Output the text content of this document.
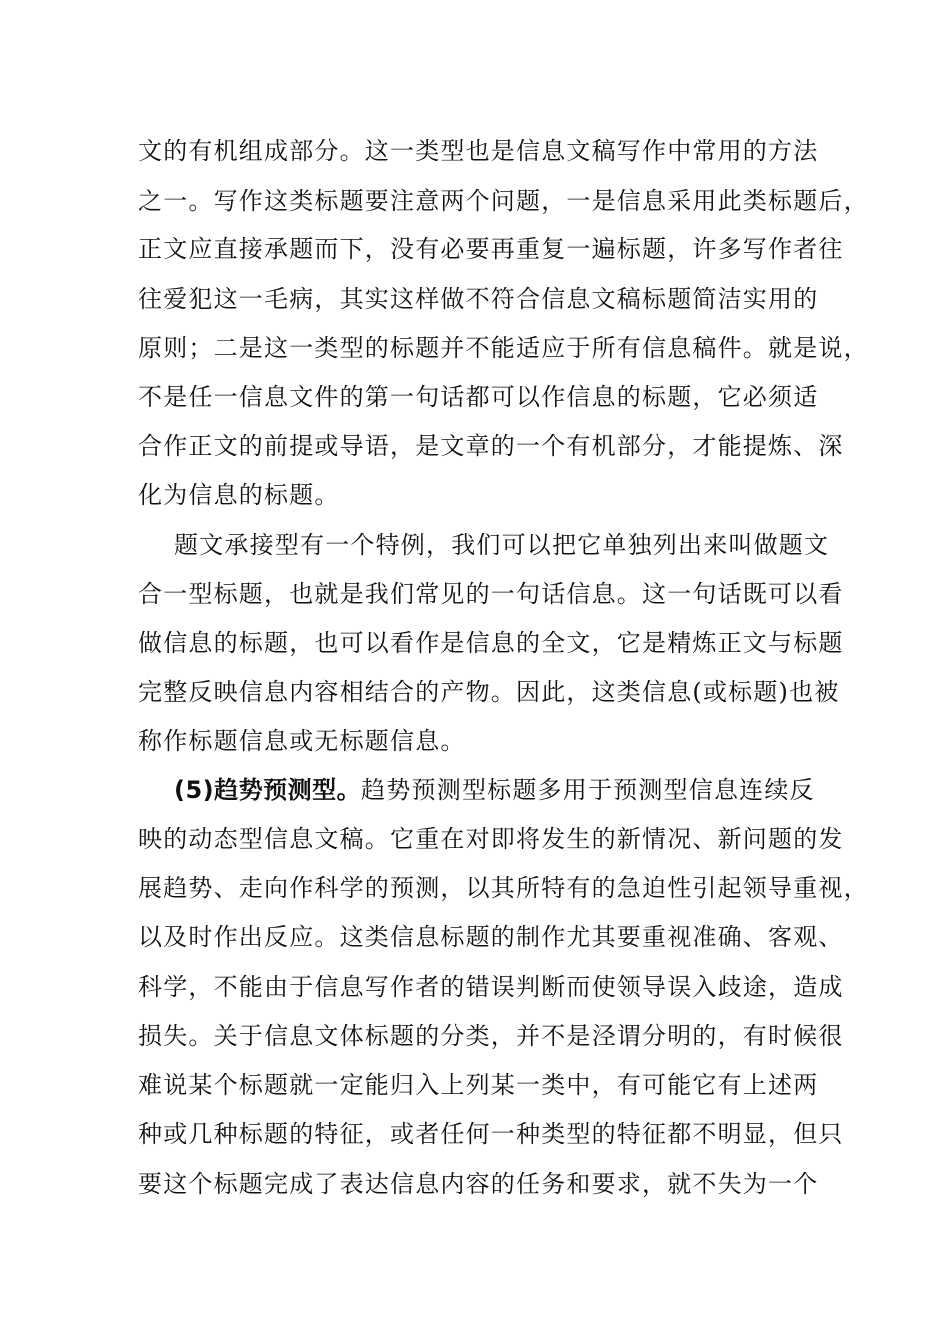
文的有机组成部分。这一类型也是信息文稿写作中常用的方法
之一。写作这类标题要注意两个问题，一是信息采用此类标题后，
正文应直接承题而下，没有必要再重复一遍标题，许多写作者往
往爱犯这一毛病，其实这样做不符合信息文稿标题简洁实用的
原则；二是这一类型的标题并不能适应于所有信息稿件。就是说，
不是任一信息文件的第一句话都可以作信息的标题，它必须适
合作正文的前提或导语，是文章的一个有机部分，才能提炼、深
化为信息的标题。
题文承接型有一个特例，我们可以把它单独列出来叫做题文
合一型标题，也就是我们常见的一句话信息。这一句话既可以看
做信息的标题，也可以看作是信息的全文，它是精炼正文与标题
完整反映信息内容相结合的产物。因此，这类信息(或标题)也被
称作标题信息或无标题信息。
(5)趋势预测型。趋势预测型标题多用于预测型信息连续反
映的动态型信息文稿。它重在对即将发生的新情况、新问题的发
展趋势、走向作科学的预测，以其所特有的急迫性引起领导重视，
以及时作出反应。这类信息标题的制作尤其要重视准确、客观、
科学，不能由于信息写作者的错误判断而使领导误入歧途，造成
损失。关于信息文体标题的分类，并不是泾谓分明的，有时候很
难说某个标题就一定能归入上列某一类中，有可能它有上述两
种或几种标题的特征，或者任何一种类型的特征都不明显，但只
要这个标题完成了表达信息内容的任务和要求，就不失为一个
